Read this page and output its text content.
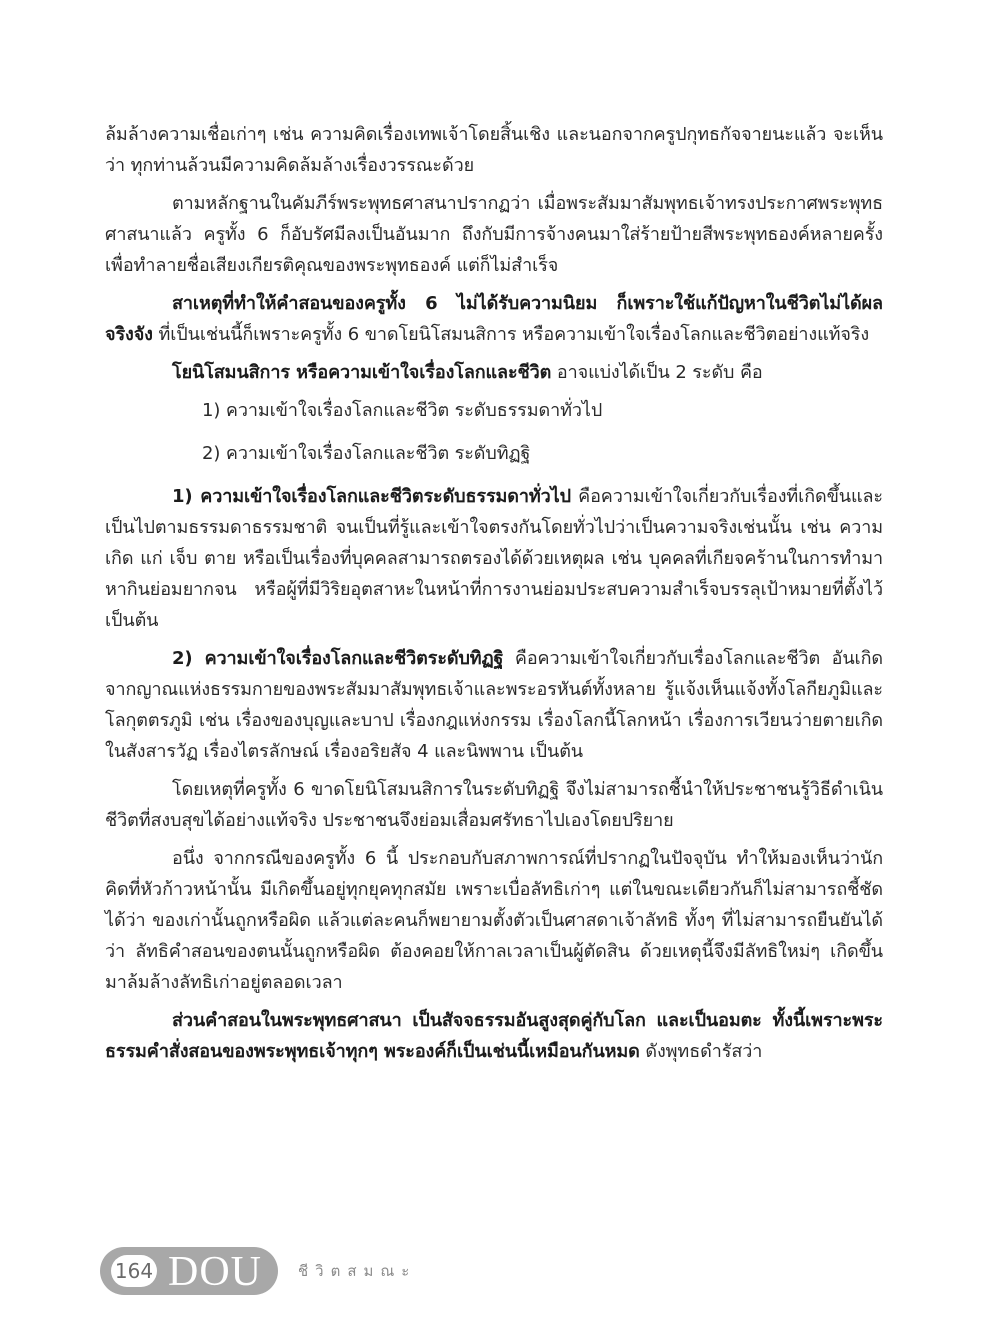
ล้มล้างความเชื่อเก่าๆ เช่น ความคิดเรื่องเทพเจ้าโดยสิ้นเชิง และนอกจากครูปกุทธกัจจายนะแล้ว จะเห็นว่า ทุกท่านล้วนมีความคิดล้มล้างเรื่องวรรณะด้วย

ตามหลักฐานในคัมภีร์พระพุทธศาสนาปรากฏว่า เมื่อพระสัมมาสัมพุทธเจ้าทรงประกาศพระพุทธศาสนาแล้ว ครูทั้ง 6 ก็อับรัศมีลงเป็นอันมาก ถึงกับมีการจ้างคนมาใส่ร้ายป้ายสีพระพุทธองค์หลายครั้ง เพื่อทำลายชื่อเสียงเกียรติคุณของพระพุทธองค์ แต่ก็ไม่สำเร็จ

สาเหตุที่ทำให้คำสอนของครูทั้ง 6 ไม่ได้รับความนิยม ก็เพราะใช้แก้ปัญหาในชีวิตไม่ได้ผลจริงจัง ที่เป็นเช่นนี้ก็เพราะครูทั้ง 6 ขาดโยนิโสมนสิการ หรือความเข้าใจเรื่องโลกและชีวิตอย่างแท้จริง

โยนิโสมนสิการ หรือความเข้าใจเรื่องโลกและชีวิต อาจแบ่งได้เป็น 2 ระดับ คือ

1) ความเข้าใจเรื่องโลกและชีวิต ระดับธรรมดาทั่วไป

2) ความเข้าใจเรื่องโลกและชีวิต ระดับทิฏฐิ

1) ความเข้าใจเรื่องโลกและชีวิตระดับธรรมดาทั่วไป คือความเข้าใจเกี่ยวกับเรื่องที่เกิดขึ้นและเป็นไปตามธรรมดาธรรมชาติ จนเป็นที่รู้และเข้าใจตรงกันโดยทั่วไปว่าเป็นความจริงเช่นนั้น เช่น ความเกิด แก่ เจ็บ ตาย หรือเป็นเรื่องที่บุคคลสามารถตรองได้ด้วยเหตุผล เช่น บุคคลที่เกียจคร้านในการทำมาหากินย่อมยากจน หรือผู้ที่มีวิริยอุตสาหะในหน้าที่การงานย่อมประสบความสำเร็จบรรลุเป้าหมายที่ตั้งไว้ เป็นต้น

2) ความเข้าใจเรื่องโลกและชีวิตระดับทิฏฐิ คือความเข้าใจเกี่ยวกับเรื่องโลกและชีวิต อันเกิดจากญาณแห่งธรรมกายของพระสัมมาสัมพุทธเจ้าและพระอรหันต์ทั้งหลาย รู้แจ้งเห็นแจ้งทั้งโลกียภูมิและโลกุตตรภูมิ เช่น เรื่องของบุญและบาป เรื่องกฎแห่งกรรม เรื่องโลกนี้โลกหน้า เรื่องการเวียนว่ายตายเกิดในสังสารวัฏ เรื่องไตรลักษณ์ เรื่องอริยสัจ 4 และนิพพาน เป็นต้น

โดยเหตุที่ครูทั้ง 6 ขาดโยนิโสมนสิการในระดับทิฏฐิ จึงไม่สามารถชี้นำให้ประชาชนรู้วิธีดำเนินชีวิตที่สงบสุขได้อย่างแท้จริง ประชาชนจึงย่อมเสื่อมศรัทธาไปเองโดยปริยาย

อนึ่ง จากกรณีของครูทั้ง 6 นี้ ประกอบกับสภาพการณ์ที่ปรากฏในปัจจุบัน ทำให้มองเห็นว่านักคิดที่หัวก้าวหน้านั้น มีเกิดขึ้นอยู่ทุกยุคทุกสมัย เพราะเบื่อลัทธิเก่าๆ แต่ในขณะเดียวกันก็ไม่สามารถชี้ชัดได้ว่า ของเก่านั้นถูกหรือผิด แล้วแต่ละคนก็พยายามตั้งตัวเป็นศาสดาเจ้าลัทธิ ทั้งๆ ที่ไม่สามารถยืนยันได้ว่า ลัทธิคำสอนของตนนั้นถูกหรือผิด ต้องคอยให้กาลเวลาเป็นผู้ตัดสิน ด้วยเหตุนี้จึงมีลัทธิใหม่ๆ เกิดขึ้นมาล้มล้างลัทธิเก่าอยู่ตลอดเวลา

ส่วนคำสอนในพระพุทธศาสนา เป็นสัจจธรรมอันสูงสุดคู่กับโลก และเป็นอมตะ ทั้งนี้เพราะพระธรรมคำสั่งสอนของพระพุทธเจ้าทุกๆ พระองค์ก็เป็นเช่นนี้เหมือนกันหมด ดังพุทธดำรัสว่า

164 DOU ชีวิตสมณะ
